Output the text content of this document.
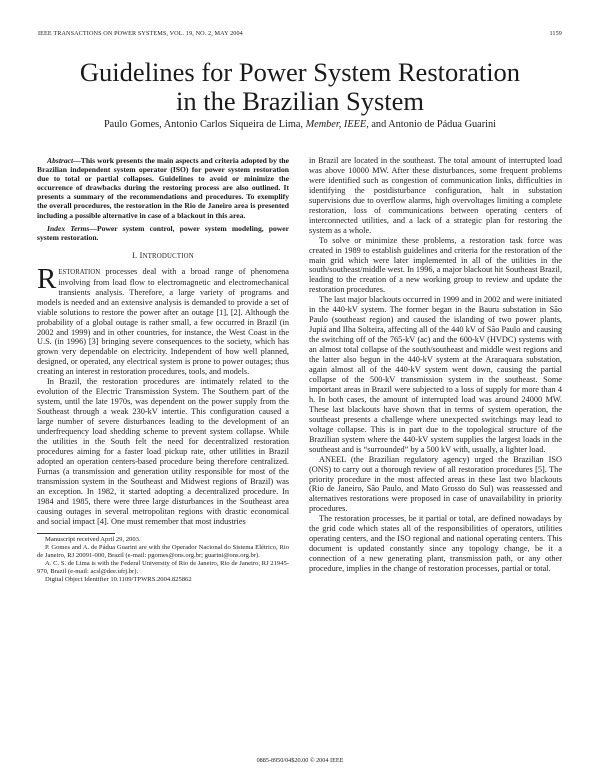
IEEE TRANSACTIONS ON POWER SYSTEMS, VOL. 19, NO. 2, MAY 2004	1159
Guidelines for Power System Restoration
in the Brazilian System
Paulo Gomes, Antonio Carlos Siqueira de Lima, Member, IEEE, and Antonio de Pádua Guarini

Abstract—This work presents the main aspects and criteria adopted by the Brazilian independent system operator (ISO) for power system restoration due to total or partial collapses. Guidelines to avoid or minimize the occurrence of drawbacks during the restoring process are also outlined. It presents a summary of the recommendations and procedures. To exemplify the overall procedures, the restoration in the Rio de Janeiro area is presented including a possible alternative in case of a blackout in this area.

Index Terms—Power system control, power system modeling, power system restoration.

I. INTRODUCTION

RESTORATION processes deal with a broad range of phenomena involving from load flow to electromagnetic and electromechanical transients analysis. Therefore, a large variety of programs and models is needed and an extensive analysis is demanded to provide a set of viable solutions to restore the power after an outage [1], [2]. Although the probability of a global outage is rather small, a few occurred in Brazil (in 2002 and 1999) and in other countries, for instance, the West Coast in the U.S. (in 1996) [3] bringing severe consequences to the society, which has grown very dependable on electricity. Independent of how well planned, designed, or operated, any electrical system is prone to power outages; thus creating an interest in restoration procedures, tools, and models.

In Brazil, the restoration procedures are intimately related to the evolution of the Electric Transmission System. The Southern part of the system, until the late 1970s, was dependent on the power supply from the Southeast through a weak 230-kV intertie. This configuration caused a large number of severe disturbances leading to the development of an underfrequency load shedding scheme to prevent system collapse. While the utilities in the South felt the need for decentralized restoration procedures aiming for a faster load pickup rate, other utilities in Brazil adopted an operation centers-based procedure being therefore centralized. Furnas (a transmission and generation utility responsible for most of the transmission system in the Southeast and Midwest regions of Brazil) was an exception. In 1982, it started adopting a decentralized procedure. In 1984 and 1985, there were three large disturbances in the Southeast area causing outages in several metropolitan regions with drastic economical and social impact [4]. One must remember that most industries

Manuscript received April 29, 2003.

P. Gomes and A. de Pádua Guarini are with the Operador Nacional do Sistema Elétrico, Rio de Janeiro, RJ 20091-000, Brazil (e-mail: pgomes@ons.org.br; guarini@ons.org.br).

A. C. S. de Lima is with the Federal University of Rio de Janeiro, Rio de Janeiro, RJ 21945-970, Brazil (e-mail: acsl@dee.ufrj.br).

Digital Object Identifier 10.1109/TPWRS.2004.825862

in Brazil are located in the southeast. The total amount of interrupted load was above 10000 MW. After these disturbances, some frequent problems were identified such as congestion of communication links, difficulties in identifying the postdisturbance configuration, halt in substation supervisions due to overflow alarms, high overvoltages limiting a complete restoration, loss of communications between operating centers of interconnected utilities, and a lack of a strategic plan for restoring the system as a whole.

To solve or minimize these problems, a restoration task force was created in 1989 to establish guidelines and criteria for the restoration of the main grid which were later implemented in all of the utilities in the south/southeast/middle west. In 1996, a major blackout hit Southeast Brazil, leading to the creation of a new working group to review and update the restoration procedures.

The last major blackouts occurred in 1999 and in 2002 and were initiated in the 440-kV system. The former began in the Bauru substation in São Paulo (southeast region) and caused the islanding of two power plants, Jupiá and Ilha Solteira, affecting all of the 440 kV of São Paulo and causing the switching off of the 765-kV (ac) and the 600-kV (HVDC) systems with an almost total collapse of the south/southeast and middle west regions and the latter also begun in the 440-kV system at the Araraquara substation, again almost all of the 440-kV system went down, causing the partial collapse of the 500-kV transmission system in the southeast. Some important areas in Brazil were subjected to a loss of supply for more than 4 h. In both cases, the amount of interrupted load was around 24000 MW. These last blackouts have shown that in terms of system operation, the southeast presents a challenge where unexpected switchings may lead to voltage collapse. This is in part due to the topological structure of the Brazilian system where the 440-kV system supplies the largest loads in the southeast and is “surrounded” by a 500 kV with, usually, a lighter load.

ANEEL (the Brazilian regulatory agency) urged the Brazilian ISO (ONS) to carry out a thorough review of all restoration procedures [5]. The priority procedure in the most affected areas in these last two blackouts (Rio de Janeiro, São Paulo, and Mato Grosso do Sul) was reassessed and alternatives restorations were proposed in case of unavailability in priority procedures.

The restoration processes, be it partial or total, are defined nowadays by the grid code which states all of the responsibilities of operators, utilities operating centers, and the ISO regional and national operating centers. This document is updated constantly since any topology change, be it a connection of a new generating plant, transmission path, or any other procedure, implies in the change of restoration processes, partial or total.

0885-8950/04$20.00 © 2004 IEEE
